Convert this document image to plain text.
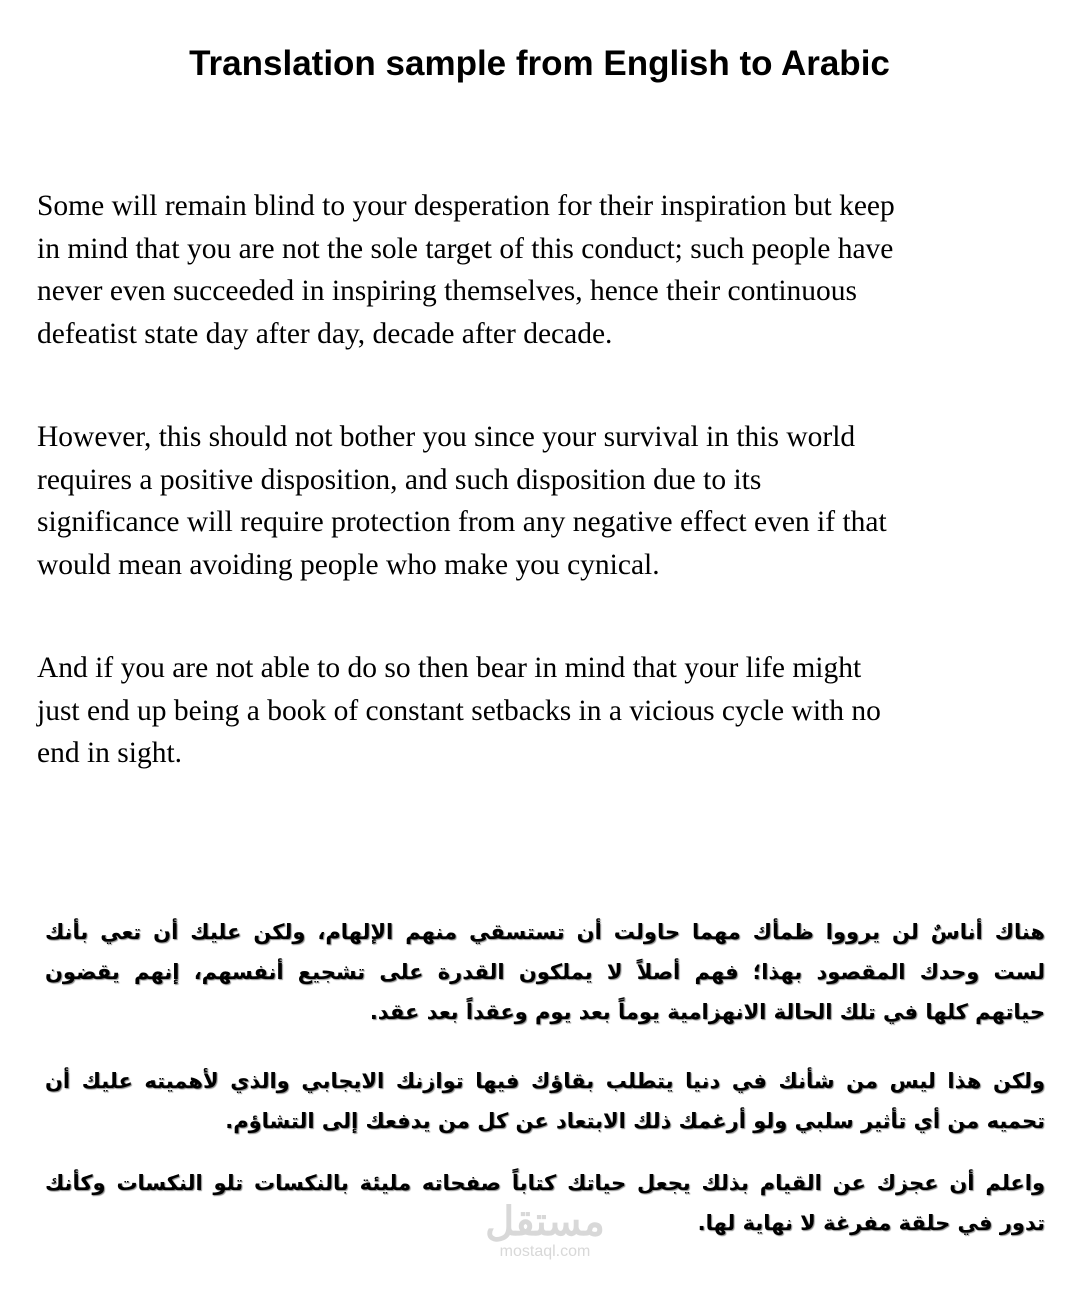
Translation sample from English to Arabic
Some will remain blind to your desperation for their inspiration but keep
in mind that you are not the sole target of this conduct; such people have
never even succeeded in inspiring themselves, hence their continuous
defeatist state day after day, decade after decade.
However, this should not bother you since your survival in this world
requires a positive disposition, and such disposition due to its
significance will require protection from any negative effect even if that
would mean avoiding people who make you cynical.
And if you are not able to do so then bear in mind that your life might
just end up being a book of constant setbacks in a vicious cycle with no
end in sight.
هناك أناسٌ لن يرووا ظمأك مهما حاولت أن تستسقي منهم الإلهام، ولكن عليك أن تعي بأنك
لست وحدك المقصود بهذا؛ فهم أصلاً لا يملكون القدرة على تشجيع أنفسهم، إنهم يقضون
حياتهم كلها في تلك الحالة الانهزامية يوماً بعد يوم وعقداً بعد عقد.
ولكن هذا ليس من شأنك في دنيا يتطلب بقاؤك فيها توازنك الايجابي والذي لأهميته عليك أن
تحميه من أي تأثير سلبي ولو أرغمك ذلك الابتعاد عن كل من يدفعك إلى التشاؤم.
واعلم أن عجزك عن القيام بذلك يجعل حياتك كتاباً صفحاته مليئة بالنكسات تلو النكسات وكأنك
تدور في حلقة مفرغة لا نهاية لها.
مستقل
mostaql.com
